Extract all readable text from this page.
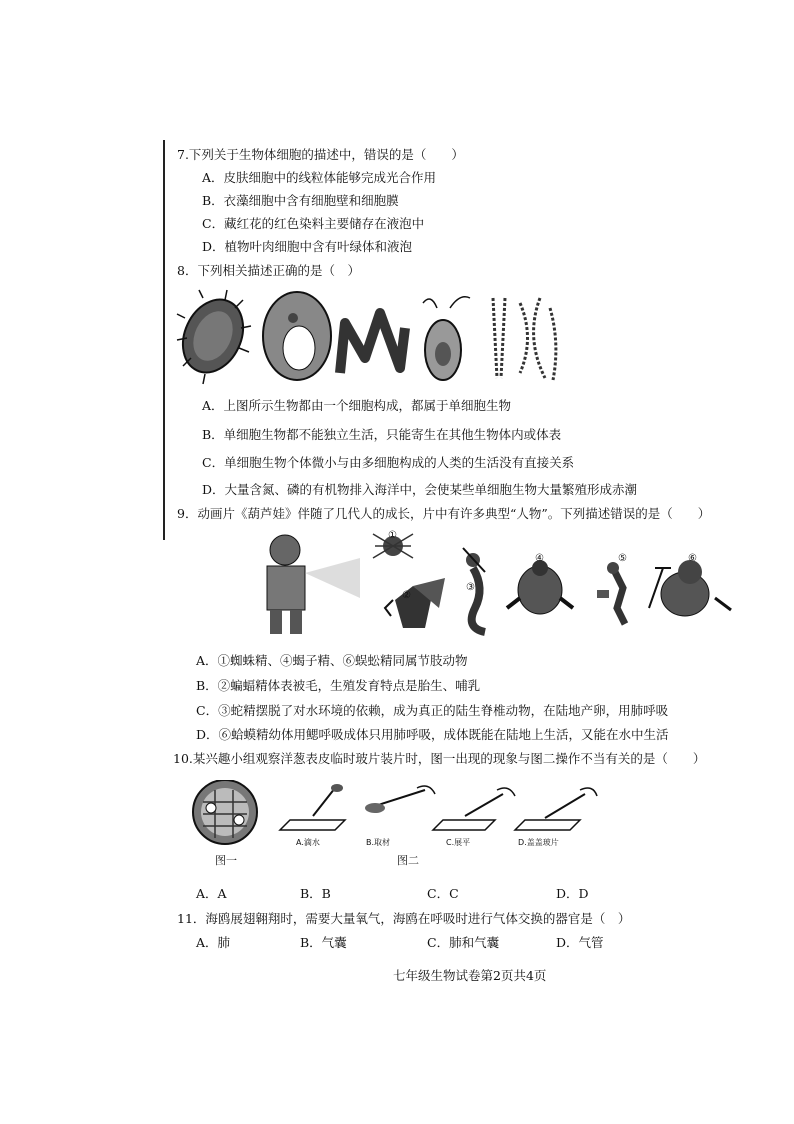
7.下列关于生物体细胞的描述中，错误的是（　　）
A．皮肤细胞中的线粒体能够完成光合作用
B．衣藻细胞中含有细胞壁和细胞膜
C．藏红花的红色染料主要储存在液泡中
D．植物叶肉细胞中含有叶绿体和液泡
8．下列相关描述正确的是（　）
A．上图所示生物都由一个细胞构成，都属于单细胞生物
B．单细胞生物都不能独立生活，只能寄生在其他生物体内或体表
C．单细胞生物个体微小与由多细胞构成的人类的生活没有直接关系
D．大量含氮、磷的有机物排入海洋中，会使某些单细胞生物大量繁殖形成赤潮
9．动画片《葫芦娃》伴随了几代人的成长，片中有许多典型“人物”。下列描述错误的是（　　）
①
②
③
④	⑤	⑥
A．①蜘蛛精、④蝎子精、⑥蜈蚣精同属节肢动物
B．②蝙蝠精体表被毛，生殖发育特点是胎生、哺乳
C．③蛇精摆脱了对水环境的依赖，成为真正的陆生脊椎动物，在陆地产卵，用肺呼吸
D．⑥蛤蟆精幼体用鳃呼吸成体只用肺呼吸，成体既能在陆地上生活，又能在水中生活
10.某兴趣小组观察洋葱表皮临时玻片装片时，图一出现的现象与图二操作不当有关的是（　　）
A.滴水	B.取材	C.展平	D.盖盖玻片
图一	图二
A．A	B．B	C．C	D．D
11．海鸥展翅翱翔时，需要大量氧气，海鸥在呼吸时进行气体交换的器官是（　）
A．肺	B．气囊	C．肺和气囊	D．气管
七年级生物试卷第2页共4页
